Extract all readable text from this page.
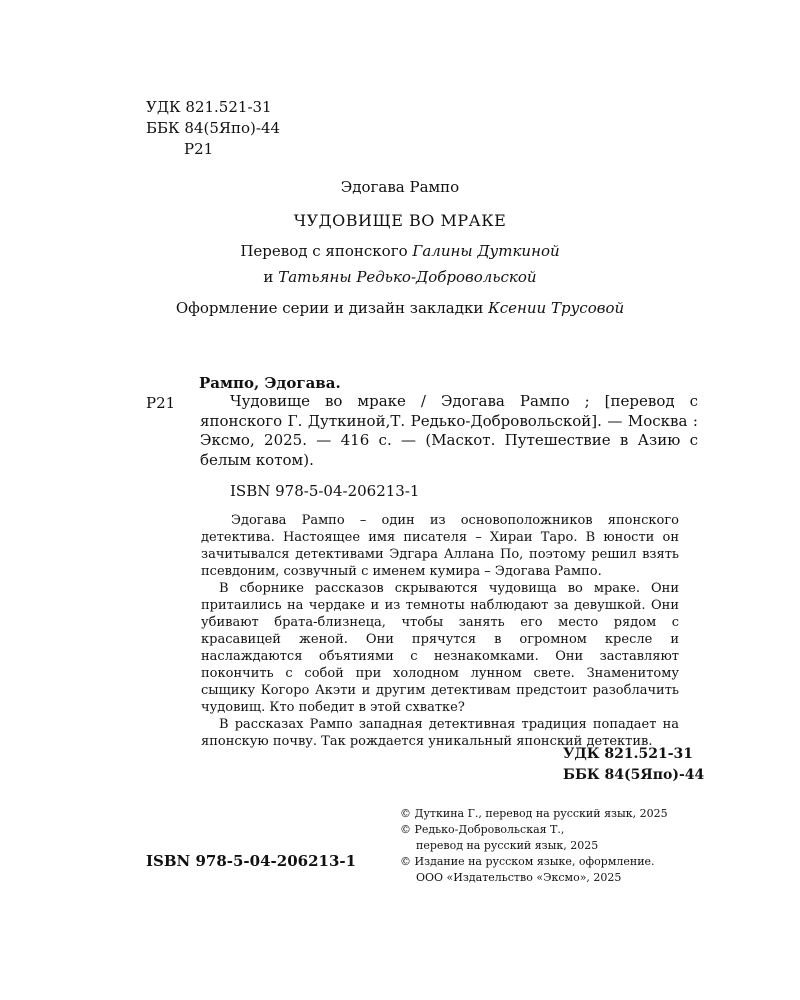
УДК 821.521-31
ББК 84(5Япо)-44
Р21
Эдогава Рампо
ЧУДОВИЩЕ ВО МРАКЕ
Перевод с японского Галины Дуткиной
и Татьяны Редько-Добровольской
Оформление серии и дизайн закладки Ксении Трусовой
Рампо, Эдогава.
Р21	Чудовище во мраке / Эдогава Рампо ; [перевод с японского Г. Дуткиной,Т. Редько-Добровольской]. — Москва : Эксмо, 2025. — 416 с. — (Маскот. Путешествие в Азию с белым котом).
ISBN 978-5-04-206213-1

Эдогава Рампо – один из основоположников японского детектива. Настоящее имя писателя – Хираи Таро. В юности он зачитывался детективами Эдгара Аллана По, поэтому решил взять псевдоним, созвучный с именем кумира – Эдогава Рампо.

В сборнике рассказов скрываются чудовища во мраке. Они притаились на чердаке и из темноты наблюдают за девушкой. Они убивают брата-близнеца, чтобы занять его место рядом с красавицей женой. Они прячутся в огромном кресле и наслаждаются объятиями с незнакомками. Они заставляют покончить с собой при холодном лунном свете. Знаменитому сыщику Когоро Акэти и другим детективам предстоит разоблачить чудовищ. Кто победит в этой схватке?

В рассказах Рампо западная детективная традиция попадает на японскую почву. Так рождается уникальный японский детектив.

УДК 821.521-31
ББК 84(5Япо)-44
© Дуткина Г., перевод на русский язык, 2025
© Редько-Добровольская Т.,
перевод на русский язык, 2025
© Издание на русском языке, оформление.
ООО «Издательство «Эксмо», 2025
ISBN 978-5-04-206213-1
